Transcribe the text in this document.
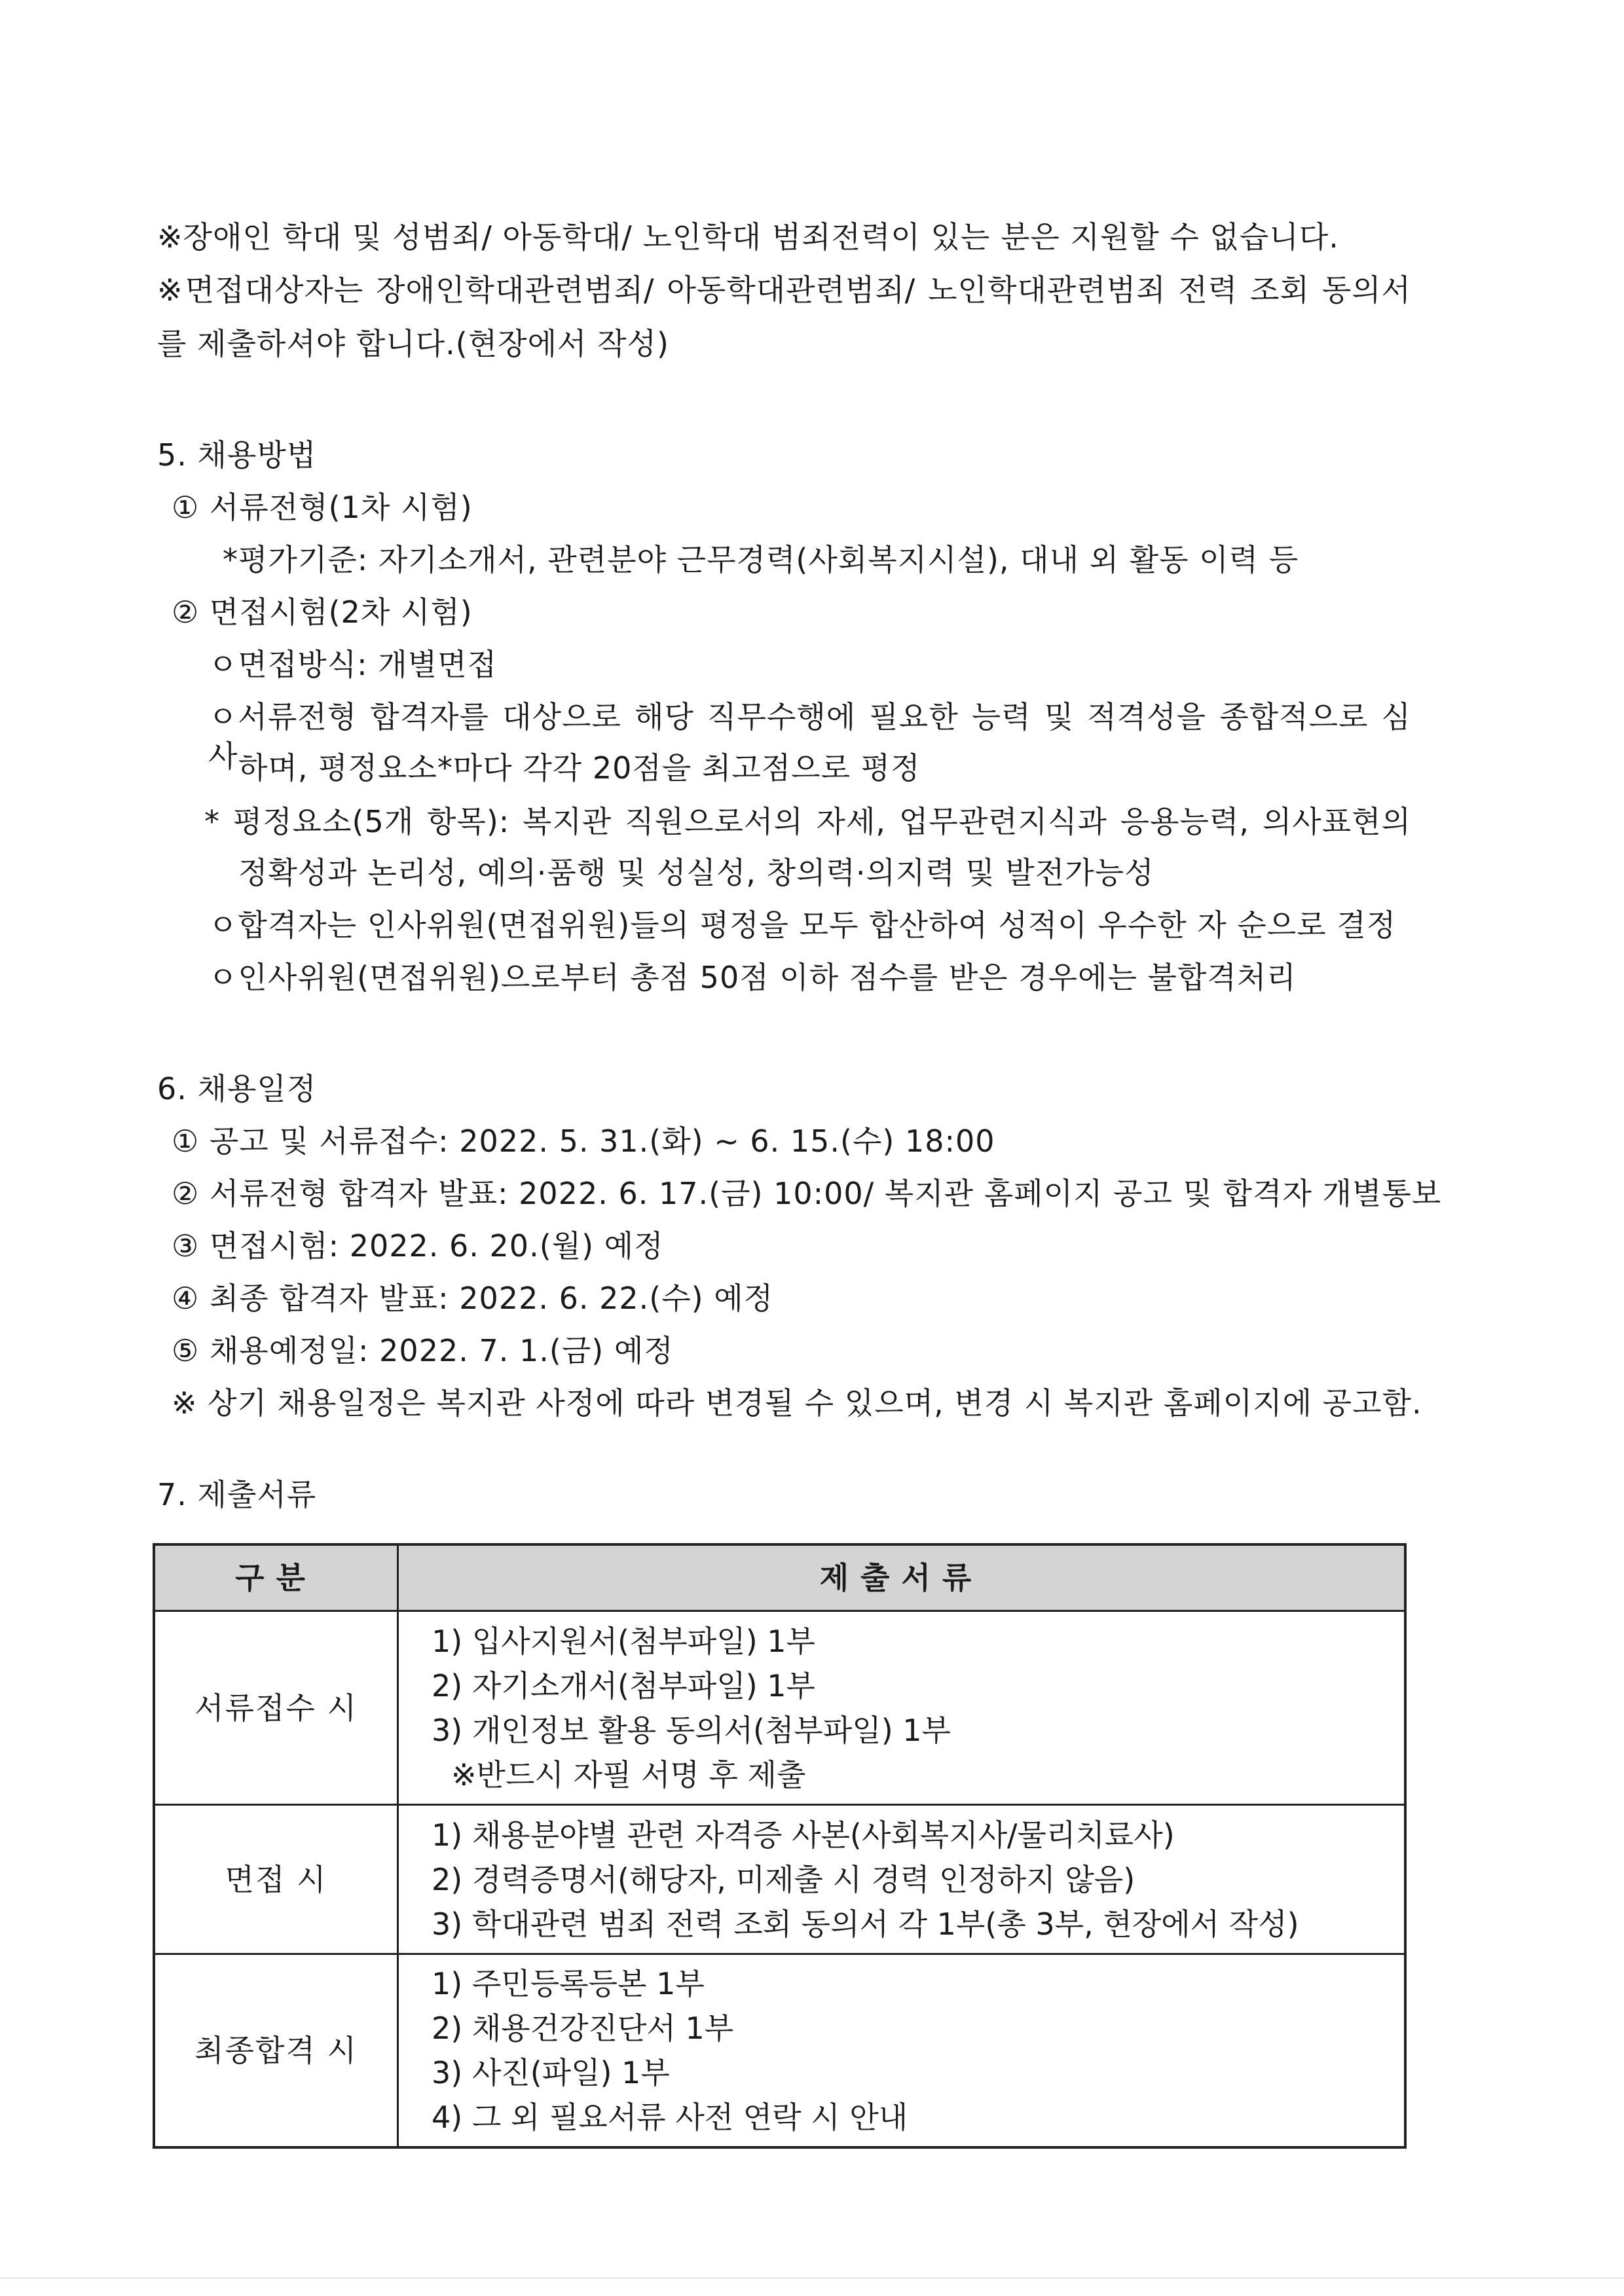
※장애인 학대 및 성범죄/ 아동학대/ 노인학대 범죄전력이 있는 분은 지원할 수 없습니다.
※면접대상자는 장애인학대관련범죄/ 아동학대관련범죄/ 노인학대관련범죄 전력 조회 동의서
를 제출하셔야 합니다.(현장에서 작성)
5. 채용방법
① 서류전형(1차 시험)
*평가기준: 자기소개서, 관련분야 근무경력(사회복지시설), 대내 외 활동 이력 등
② 면접시험(2차 시험)
ㅇ면접방식: 개별면접
ㅇ서류전형 합격자를 대상으로 해당 직무수행에 필요한 능력 및 적격성을 종합적으로 심사 하며, 평정요소*마다 각각 20점을 최고점으로 평정
* 평정요소(5개 항목): 복지관 직원으로서의 자세, 업무관련지식과 응용능력, 의사표현의
정확성과 논리성, 예의·품행 및 성실성, 창의력·의지력 및 발전가능성
ㅇ합격자는 인사위원(면접위원)들의 평정을 모두 합산하여 성적이 우수한 자 순으로 결정
ㅇ인사위원(면접위원)으로부터 총점 50점 이하 점수를 받은 경우에는 불합격처리
6. 채용일정
① 공고 및 서류접수: 2022. 5. 31.(화) ~ 6. 15.(수) 18:00
② 서류전형 합격자 발표: 2022. 6. 17.(금) 10:00/ 복지관 홈페이지 공고 및 합격자 개별통보
③ 면접시험: 2022. 6. 20.(월) 예정
④ 최종 합격자 발표: 2022. 6. 22.(수) 예정
⑤ 채용예정일: 2022. 7. 1.(금) 예정
※ 상기 채용일정은 복지관 사정에 따라 변경될 수 있으며, 변경 시 복지관 홈페이지에 공고함.
7. 제출서류
구분	제출서류
서류접수 시	1) 입사지원서(첨부파일) 1부
2) 자기소개서(첨부파일) 1부
3) 개인정보 활용 동의서(첨부파일) 1부
※반드시 자필 서명 후 제출

면접 시	1) 채용분야별 관련 자격증 사본(사회복지사/물리치료사)
2) 경력증명서(해당자, 미제출 시 경력 인정하지 않음)
3) 학대관련 범죄 전력 조회 동의서 각 1부(총 3부, 현장에서 작성)

최종합격 시	1) 주민등록등본 1부
2) 채용건강진단서 1부
3) 사진(파일) 1부
4) 그 외 필요서류 사전 연락 시 안내
